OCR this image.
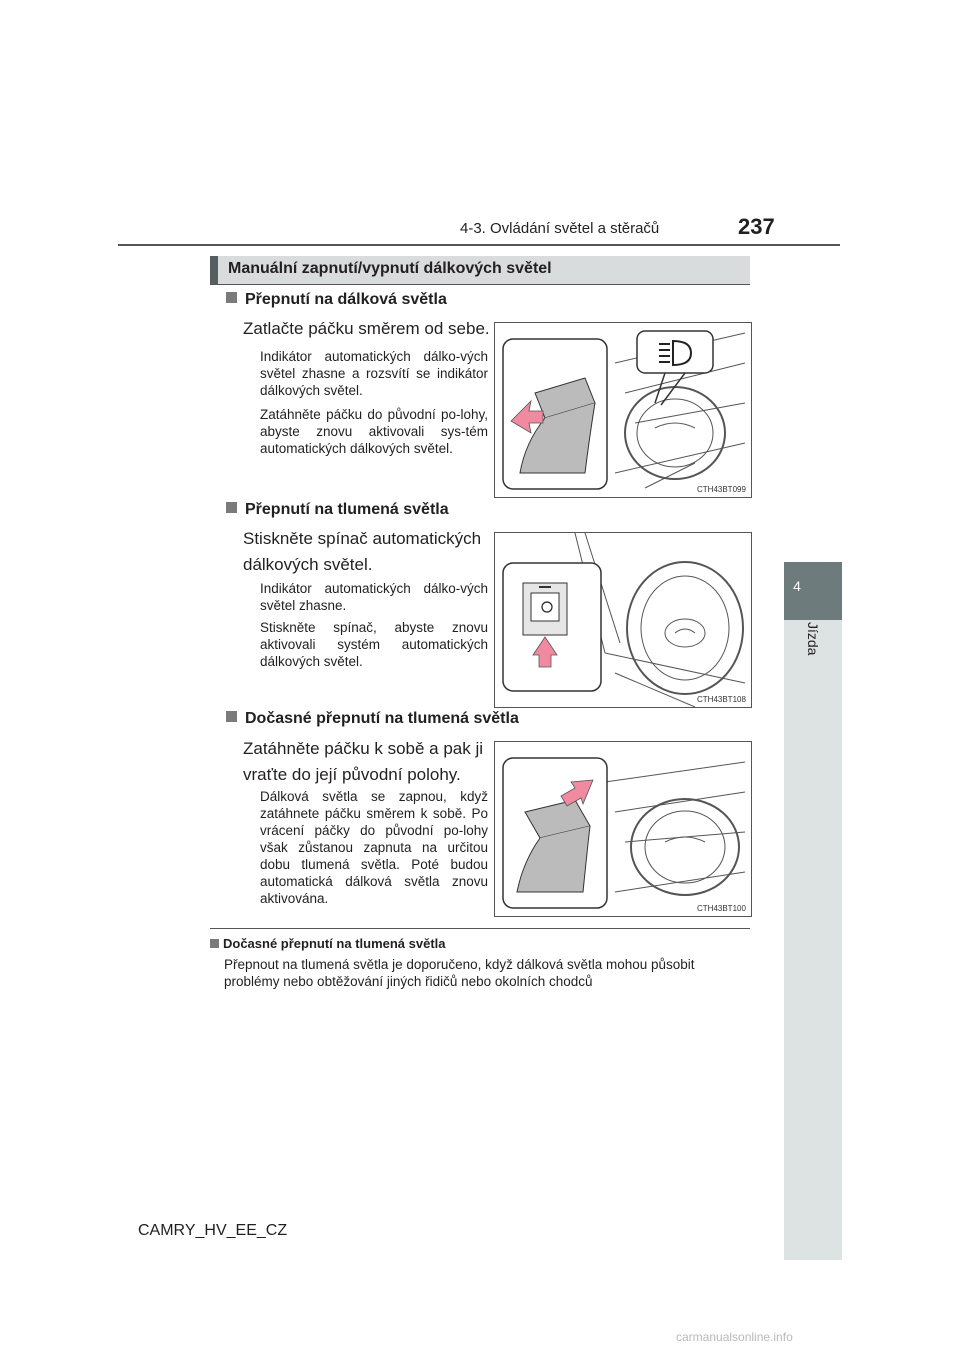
4-3. Ovládání světel a stěračů	237
4
Jízda
Manuální zapnutí/vypnutí dálkových světel
Přepnutí na dálková světla
Zatlačte páčku směrem od sebe.
Indikátor automatických dálko-vých světel zhasne a rozsvítí se indikátor dálkových světel.
Zatáhněte páčku do původní po-lohy, abyste znovu aktivovali sys-tém automatických dálkových světel.
CTH43BT099
Přepnutí na tlumená světla
Stiskněte spínač automatických dálkových světel.
Indikátor automatických dálko-vých světel zhasne.
Stiskněte spínač, abyste znovu aktivovali systém automatických dálkových světel.
CTH43BT108
Dočasné přepnutí na tlumená světla
Zatáhněte páčku k sobě a pak ji vraťte do její původní polohy.
Dálková světla se zapnou, když zatáhnete páčku směrem k sobě. Po vrácení páčky do původní po-lohy však zůstanou zapnuta na určitou dobu tlumená světla. Poté budou automatická dálková světla znovu aktivována.
CTH43BT100
Dočasné přepnutí na tlumená světla
Přepnout na tlumená světla je doporučeno, když dálková světla mohou působit problémy nebo obtěžování jiných řidičů nebo okolních chodců
CAMRY_HV_EE_CZ
carmanualsonline.info
